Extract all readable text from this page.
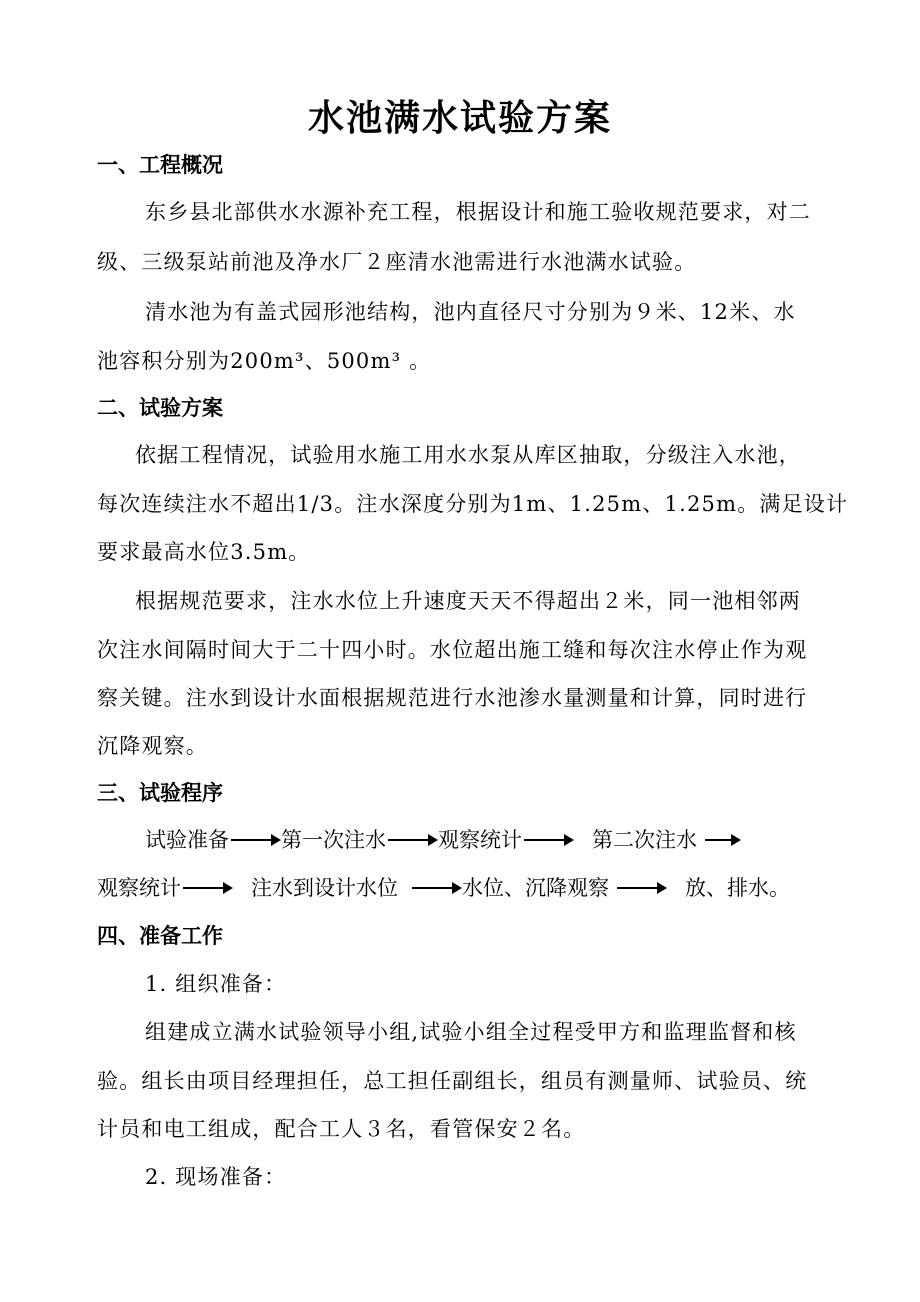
水池满水试验方案
一、工程概况
东乡县北部供水水源补充工程，根据设计和施工验收规范要求，对二
级、三级泵站前池及净水厂２座清水池需进行水池满水试验。
清水池为有盖式园形池结构，池内直径尺寸分别为９米、12米、水
池容积分别为200m³、500m³ 。
二、试验方案
依据工程情况，试验用水施工用水水泵从库区抽取，分级注入水池，
每次连续注水不超出1/3。注水深度分别为1m、1.25m、1.25m。满足设计
要求最高水位3.5m。
根据规范要求，注水水位上升速度天天不得超出２米，同一池相邻两
次注水间隔时间大于二十四小时。水位超出施工缝和每次注水停止作为观
察关键。注水到设计水面根据规范进行水池渗水量测量和计算，同时进行
沉降观察。
三、试验程序
试验准备 第一次注水 观察统计	第二次注水
观察统计	注水到设计水位	水位、沉降观察	放、排水。
四、准备工作
1. 组织准备：
组建成立满水试验领导小组,试验小组全过程受甲方和监理监督和核
验。组长由项目经理担任，总工担任副组长，组员有测量师、试验员、统
计员和电工组成，配合工人３名，看管保安２名。
2. 现场准备：
